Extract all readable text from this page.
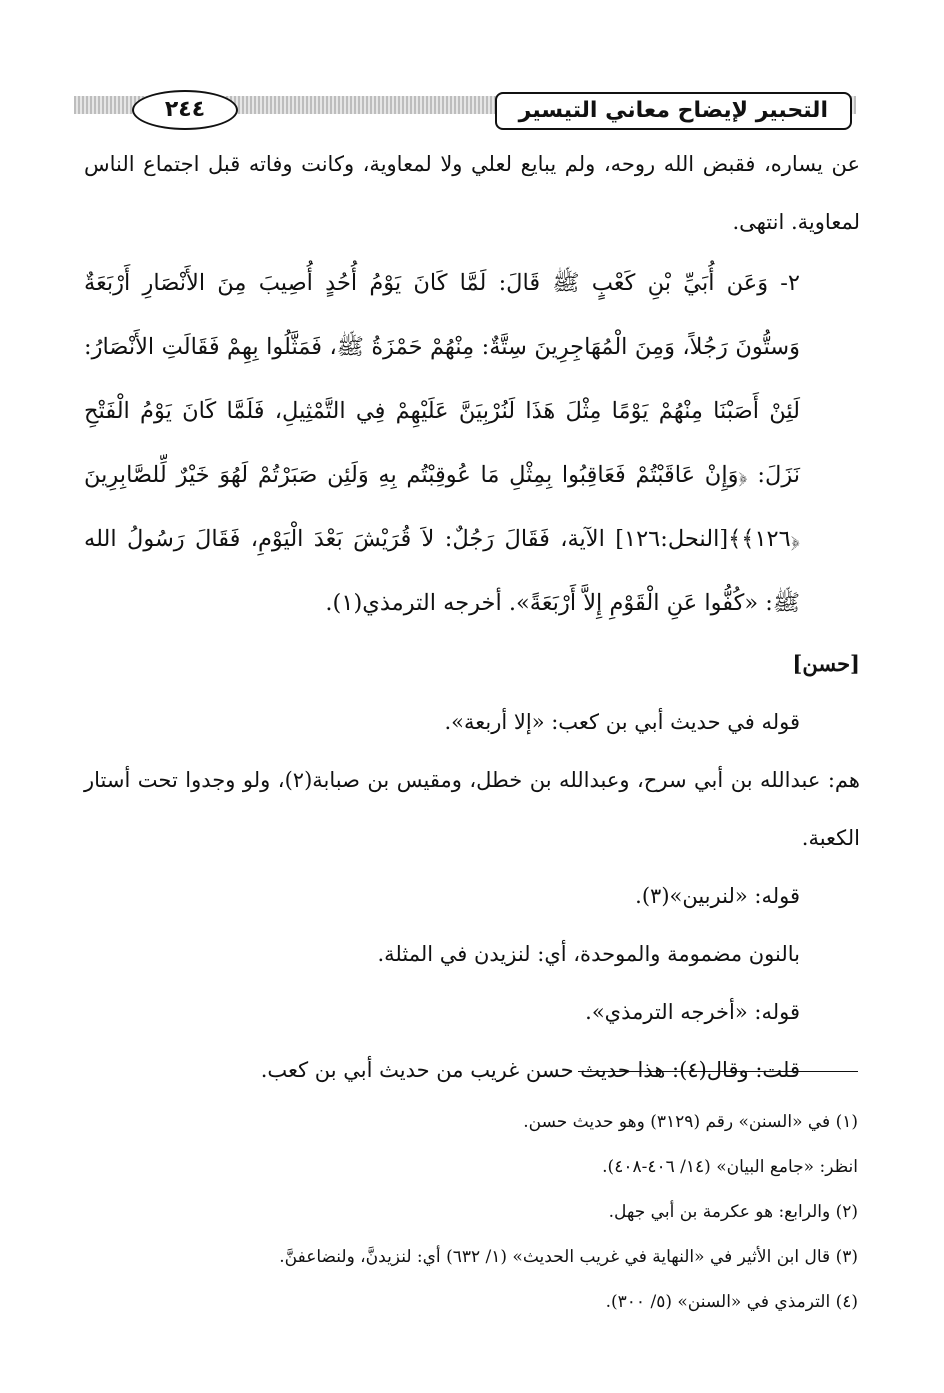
التحبير لإيضاح معاني التيسير
٢٤٤

عن يساره، فقبض الله روحه، ولم يبايع لعلي ولا لمعاوية، وكانت وفاته قبل اجتماع الناس لمعاوية. انتهى.

٢- وَعَن أُبَيِّ بْنِ كَعْبٍ ﷺ قَالَ: لَمَّا كَانَ يَوْمُ أُحُدٍ أُصِيبَ مِنَ الأَنْصَارِ أَرْبَعَةٌ وَستُّونَ رَجُلاً، وَمِنَ الْمُهَاجِرِينَ سِتَّةٌ: مِنْهُمْ حَمْزَةُ ﷺ، فَمَثَّلُوا بِهِمْ فَقَالَتِ الأَنْصَارُ: لَئِنْ أَصَبْنَا مِنْهُمْ يَوْمًا مِثْلَ هَذَا لَنُرْبِيَنَّ عَلَيْهِمْ فِي التَّمْثِيلِ، فَلَمَّا كَانَ يَوْمُ الْفَتْحِ نَزَلَ: ﴿وَإِنْ عَاقَبْتُمْ فَعَاقِبُوا بِمِثْلِ مَا عُوقِبْتُم بِهِ وَلَئِن صَبَرْتُمْ لَهُوَ خَيْرٌ لِّلصَّابِرِينَ ﴿١٢٦﴾﴾[النحل:١٢٦] الآية، فَقَالَ رَجُلٌ: لاَ قُرَيْشَ بَعْدَ الْيَوْمِ، فَقَالَ رَسُولُ الله ﷺ: «كُفُّوا عَنِ الْقَوْمِ إِلاَّ أَرْبَعَةً». أخرجه الترمذي(١).

[حسن]

قوله في حديث أبي بن كعب: «إلا أربعة».

هم: عبدالله بن أبي سرح، وعبدالله بن خطل، ومقيس بن صبابة(٢)، ولو وجدوا تحت أستار الكعبة.

قوله: «لنربين»(٣).

بالنون مضمومة والموحدة، أي: لنزيدن في المثلة.

قوله: «أخرجه الترمذي».

قلت: وقال(٤): هذا حديث حسن غريب من حديث أبي بن كعب.

(١) في «السنن» رقم (٣١٢٩) وهو حديث حسن.

انظر: «جامع البيان» (١٤/ ٤٠٦-٤٠٨).

(٢) والرابع: هو عكرمة بن أبي جهل.

(٣) قال ابن الأثير في «النهاية في غريب الحديث» (١/ ٦٣٢) أي: لنزيدنَّ، ولنضاعفنَّ.

(٤) الترمذي في «السنن» (٥/ ٣٠٠).
